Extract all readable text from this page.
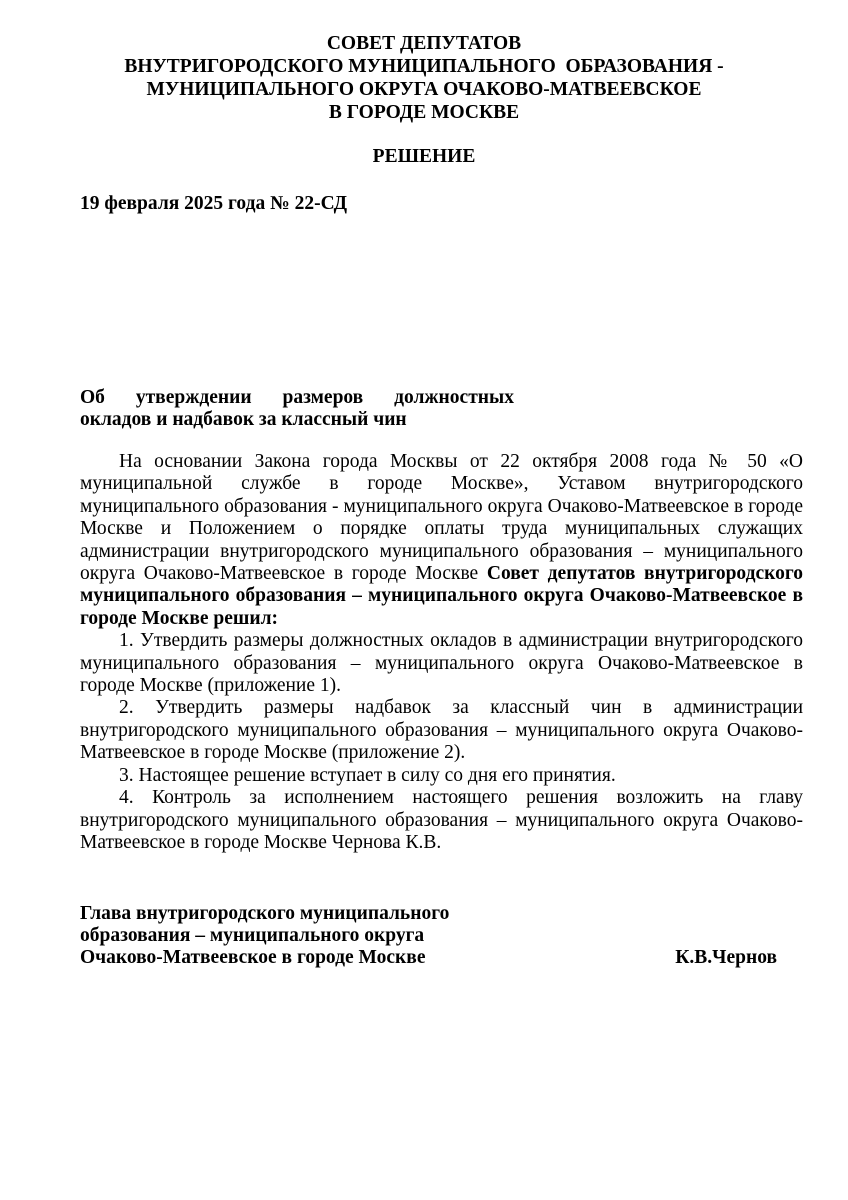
СОВЕТ ДЕПУТАТОВ
ВНУТРИГОРОДСКОГО МУНИЦИПАЛЬНОГО  ОБРАЗОВАНИЯ -
МУНИЦИПАЛЬНОГО ОКРУГА ОЧАКОВО-МАТВЕЕВСКОЕ
В ГОРОДЕ МОСКВЕ
РЕШЕНИЕ
19 февраля 2025 года № 22-СД
Об утверждении размеров должностных
окладов и надбавок за классный чин

На основании Закона города Москвы от 22 октября 2008 года № 50 «О муниципальной службе в городе Москве», Уставом внутригородского муниципального образования - муниципального округа Очаково-Матвеевское в городе Москве и Положением о порядке оплаты труда муниципальных служащих администрации внутригородского муниципального образования – муниципального округа Очаково-Матвеевское в городе Москве Совет депутатов внутригородского муниципального образования – муниципального округа Очаково-Матвеевское в городе Москве решил:

1. Утвердить размеры должностных окладов в администрации внутригородского муниципального образования – муниципального округа Очаково-Матвеевское в городе Москве (приложение 1).

2. Утвердить размеры надбавок за классный чин в администрации внутригородского муниципального образования – муниципального округа Очаково-Матвеевское в городе Москве (приложение 2).

3. Настоящее решение вступает в силу со дня его принятия.

4. Контроль за исполнением настоящего решения возложить на главу внутригородского муниципального образования – муниципального округа Очаково-Матвеевское в городе Москве Чернова К.В.

Глава внутригородского муниципального
образования – муниципального округа
Очаково-Матвеевское в городе Москве	К.В.Чернов
